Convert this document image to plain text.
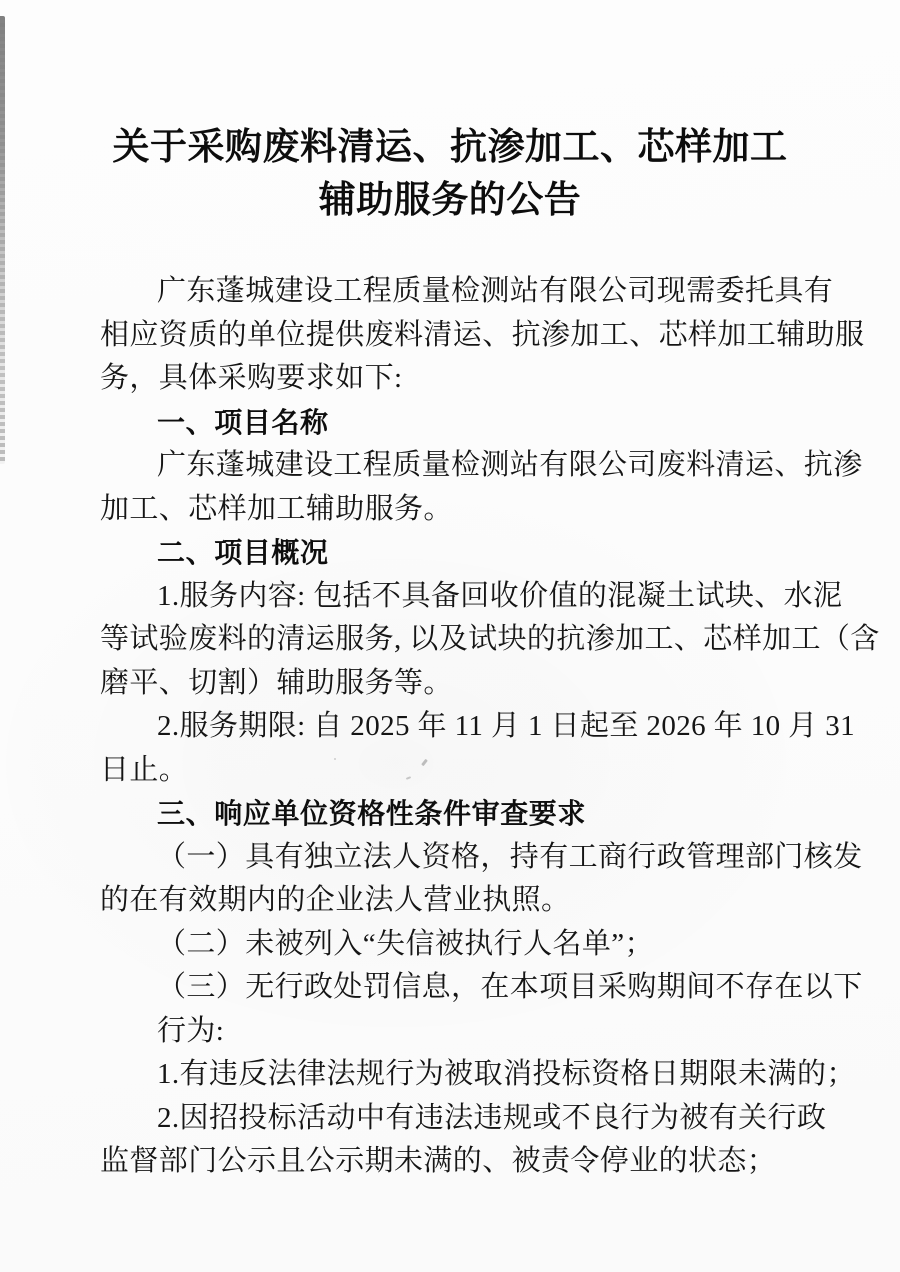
关于采购废料清运、抗渗加工、芯样加工
辅助服务的公告
广东蓬城建设工程质量检测站有限公司现需委托具有
相应资质的单位提供废料清运、抗渗加工、芯样加工辅助服
务，具体采购要求如下:
一、项目名称
广东蓬城建设工程质量检测站有限公司废料清运、抗渗
加工、芯样加工辅助服务。
二、项目概况
1.服务内容: 包括不具备回收价值的混凝土试块、水泥
等试验废料的清运服务, 以及试块的抗渗加工、芯样加工（含
磨平、切割）辅助服务等。
2.服务期限: 自 2025 年 11 月 1 日起至 2026 年 10 月 31
日止。
三、响应单位资格性条件审查要求
（一）具有独立法人资格，持有工商行政管理部门核发
的在有效期内的企业法人营业执照。
（二）未被列入“失信被执行人名单”；
（三）无行政处罚信息，在本项目采购期间不存在以下
行为:
1.有违反法律法规行为被取消投标资格日期限未满的；
2.因招投标活动中有违法违规或不良行为被有关行政
监督部门公示且公示期未满的、被责令停业的状态；
